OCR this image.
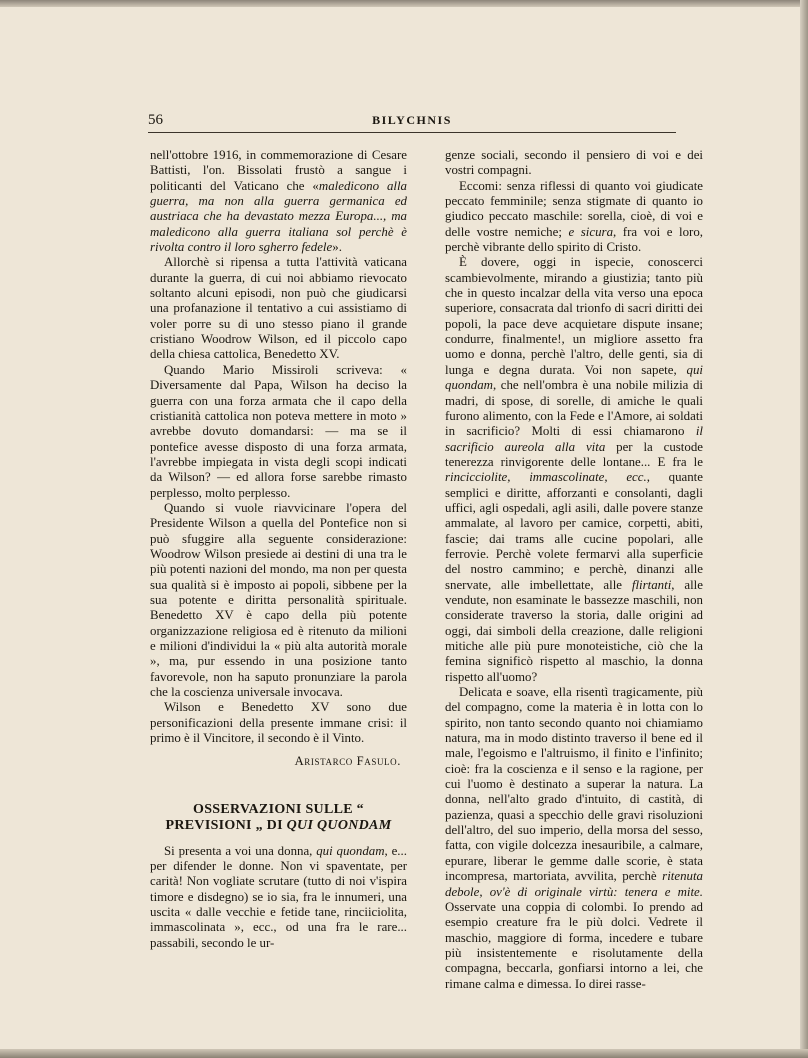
56	BILYCHNIS

nell'ottobre 1916, in commemorazione di Cesare Battisti, l'on. Bissolati frustò a sangue i politicanti del Vaticano che «maledicono alla guerra, ma non alla guerra germanica ed austriaca che ha devastato mezza Europa..., ma maledicono alla guerra italiana sol perchè è rivolta contro il loro sgherro fedele».

Allorchè si ripensa a tutta l'attività vaticana durante la guerra, di cui noi abbiamo rievocato soltanto alcuni episodi, non può che giudicarsi una profanazione il tentativo a cui assistiamo di voler porre su di uno stesso piano il grande cristiano Woodrow Wilson, ed il piccolo capo della chiesa cattolica, Benedetto XV.

Quando Mario Missiroli scriveva: « Diversamente dal Papa, Wilson ha deciso la guerra con una forza armata che il capo della cristianità cattolica non poteva mettere in moto » avrebbe dovuto domandarsi: — ma se il pontefice avesse disposto di una forza armata, l'avrebbe impiegata in vista degli scopi indicati da Wilson? — ed allora forse sarebbe rimasto perplesso, molto perplesso.

Quando si vuole riavvicinare l'opera del Presidente Wilson a quella del Pontefice non si può sfuggire alla seguente considerazione: Woodrow Wilson presiede ai destini di una tra le più potenti nazioni del mondo, ma non per questa sua qualità si è imposto ai popoli, sibbene per la sua potente e diritta personalità spirituale. Benedetto XV è capo della più potente organizzazione religiosa ed è ritenuto da milioni e milioni d'individui la « più alta autorità morale », ma, pur essendo in una posizione tanto favorevole, non ha saputo pronunziare la parola che la coscienza universale invocava.

Wilson e Benedetto XV sono due personificazioni della presente immane crisi: il primo è il Vincitore, il secondo è il Vinto.

Aristarco Fasulo.

OSSERVAZIONI SULLE “ PREVISIONI „ DI QUI QUONDAM

Si presenta a voi una donna, qui quondam, e... per difender le donne. Non vi spaventate, per carità! Non vogliate scrutare (tutto di noi v'ispira timore e disdegno) se io sia, fra le innumeri, una uscita « dalle vecchie e fetide tane, rinciiciolita, immascolinata », ecc., od una fra le rare... passabili, secondo le ur-

genze sociali, secondo il pensiero di voi e dei vostri compagni.

Eccomi: senza riflessi di quanto voi giudicate peccato femminile; senza stigmate di quanto io giudico peccato maschile: sorella, cioè, di voi e delle vostre nemiche; e sicura, fra voi e loro, perchè vibrante dello spirito di Cristo.

È dovere, oggi in ispecie, conoscerci scambievolmente, mirando a giustizia; tanto più che in questo incalzar della vita verso una epoca superiore, consacrata dal trionfo di sacri diritti dei popoli, la pace deve acquietare dispute insane; condurre, finalmente!, un migliore assetto fra uomo e donna, perchè l'altro, delle genti, sia di lunga e degna durata. Voi non sapete, qui quondam, che nell'ombra è una nobile milizia di madri, di spose, di sorelle, di amiche le quali furono alimento, con la Fede e l'Amore, ai soldati in sacrificio? Molti di essi chiamarono il sacrificio aureola alla vita per la custode tenerezza rinvigorente delle lontane... E fra le rincicciolite, immascolinate, ecc., quante semplici e diritte, afforzanti e consolanti, dagli uffici, agli ospedali, agli asili, dalle povere stanze ammalate, al lavoro per camice, corpetti, abiti, fascie; dai trams alle cucine popolari, alle ferrovie. Perchè volete fermarvi alla superficie del nostro cammino; e perchè, dinanzi alle snervate, alle imbellettate, alle flirtanti, alle vendute, non esaminate le bassezze maschili, non considerate traverso la storia, dalle origini ad oggi, dai simboli della creazione, dalle religioni mitiche alle più pure monoteistiche, ciò che la femina significò rispetto al maschio, la donna rispetto all'uomo?

Delicata e soave, ella risentì tragicamente, più del compagno, come la materia è in lotta con lo spirito, non tanto secondo quanto noi chiamiamo natura, ma in modo distinto traverso il bene ed il male, l'egoismo e l'altruismo, il finito e l'infinito; cioè: fra la coscienza e il senso e la ragione, per cui l'uomo è destinato a superar la natura. La donna, nell'alto grado d'intuito, di castità, di pazienza, quasi a specchio delle gravi risoluzioni dell'altro, del suo imperio, della morsa del sesso, fatta, con vigile dolcezza inesauribile, a calmare, epurare, liberar le gemme dalle scorie, è stata incompresa, martoriata, avvilita, perchè ritenuta debole, ov'è di originale virtù: tenera e mite. Osservate una coppia di colombi. Io prendo ad esempio creature fra le più dolci. Vedrete il maschio, maggiore di forma, incedere e tubare più insistentemente e risolutamente della compagna, beccarla, gonfiarsi intorno a lei, che rimane calma e dimessa. Io direi rasse-
